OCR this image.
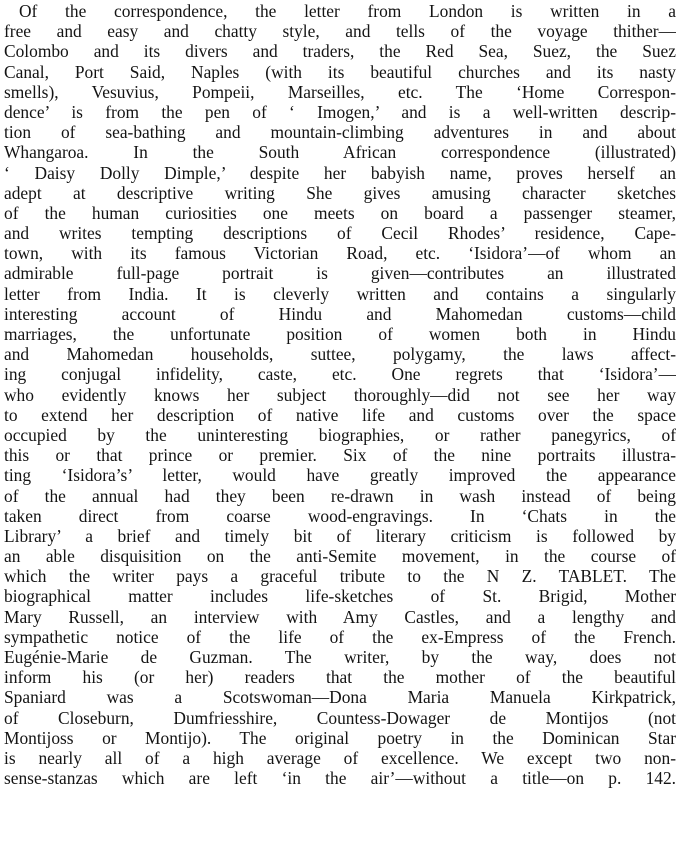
Of the correspondence, the letter from London is written in a
free and easy and chatty style, and tells of the voyage thither—
Colombo and its divers and traders, the Red Sea, Suez, the Suez
Canal, Port Said, Naples (with its beautiful churches and its nasty
smells), Vesuvius, Pompeii, Marseilles, etc. The ‘Home Correspon-
dence’ is from the pen of ‘ Imogen,’ and is a well-written descrip-
tion of sea-bathing and mountain-climbing adventures in and about
Whangaroa. In the South African correspondence (illustrated)
‘ Daisy Dolly Dimple,’ despite her babyish name, proves herself an
adept at descriptive writing She gives amusing character sketches
of the human curiosities one meets on board a passenger steamer,
and writes tempting descriptions of Cecil Rhodes’ residence, Cape-
town, with its famous Victorian Road, etc. ‘Isidora’—of whom an
admirable full-page portrait is given—contributes an illustrated
letter from India. It is cleverly written and contains a singularly
interesting account of Hindu and Mahomedan customs—child
marriages, the unfortunate position of women both in Hindu
and Mahomedan households, suttee, polygamy, the laws affect-
ing conjugal infidelity, caste, etc. One regrets that ‘Isidora’—
who evidently knows her subject thoroughly—did not see her way
to extend her description of native life and customs over the space
occupied by the uninteresting biographies, or rather panegyrics, of
this or that prince or premier. Six of the nine portraits illustra-
ting ‘Isidora’s’ letter, would have greatly improved the appearance
of the annual had they been re-drawn in wash instead of being
taken direct from coarse wood-engravings. In ‘Chats in the
Library’ a brief and timely bit of literary criticism is followed by
an able disquisition on the anti-Semite movement, in the course of
which the writer pays a graceful tribute to the N Z. TABLET. The
biographical matter includes life-sketches of St. Brigid, Mother
Mary Russell, an interview with Amy Castles, and a lengthy and
sympathetic notice of the life of the ex-Empress of the French.
Eugénie-Marie de Guzman. The writer, by the way, does not
inform his (or her) readers that the mother of the beautiful
Spaniard was a Scotswoman—Dona Maria Manuela Kirkpatrick,
of Closeburn, Dumfriesshire, Countess-Dowager de Montijos (not
Montijoss or Montijo). The original poetry in the Dominican Star
is nearly all of a high average of excellence. We except two non-
sense-stanzas which are left ‘in the air’—without a title—on p. 142.
